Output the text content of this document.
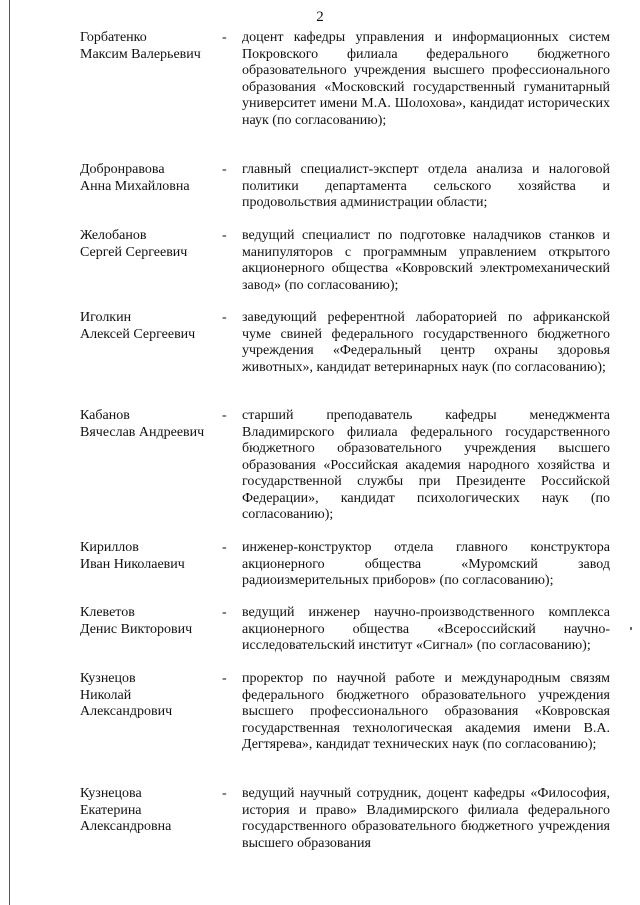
2
Горбатенко
Максим Валерьевич
- доцент кафедры управления и информационных систем Покровского филиала федерального бюджетного образовательного учреждения высшего профессионального образования «Московский государственный гуманитарный университет имени М.А. Шолохова», кандидат исторических наук (по согласованию);
Добронравова
Анна Михайловна
- главный специалист-эксперт отдела анализа и налоговой политики департамента сельского хозяйства и продовольствия администрации области;
Желобанов
Сергей Сергеевич
- ведущий специалист по подготовке наладчиков станков и манипуляторов с программным управлением открытого акционерного общества «Ковровский электромеханический завод» (по согласованию);
Иголкин
Алексей Сергеевич
- заведующий референтной лабораторией по африканской чуме свиней федерального государственного бюджетного учреждения «Федеральный центр охраны здоровья животных», кандидат ветеринарных наук (по согласованию);
Кабанов
Вячеслав Андреевич
- старший преподаватель кафедры менеджмента Владимирского филиала федерального государственного бюджетного образовательного учреждения высшего образования «Российская академия народного хозяйства и государственной службы при Президенте Российской Федерации», кандидат психологических наук (по согласованию);
Кириллов
Иван Николаевич
- инженер-конструктор отдела главного конструктора акционерного общества «Муромский завод радиоизмерительных приборов» (по согласованию);
Клеветов
Денис Викторович
- ведущий инженер научно-производственного комплекса акционерного общества «Всероссийский научно-исследовательский институт «Сигнал» (по согласованию);
Кузнецов
Николай
Александрович
- проректор по научной работе и международным связям федерального бюджетного образовательного учреждения высшего профессионального образования «Ковровская государственная технологическая академия имени В.А. Дегтярева», кандидат технических наук (по согласованию);
Кузнецова
Екатерина
Александровна
- ведущий научный сотрудник, доцент кафедры «Философия, история и право» Владимирского филиала федерального государственного образовательного бюджетного учреждения высшего образования
